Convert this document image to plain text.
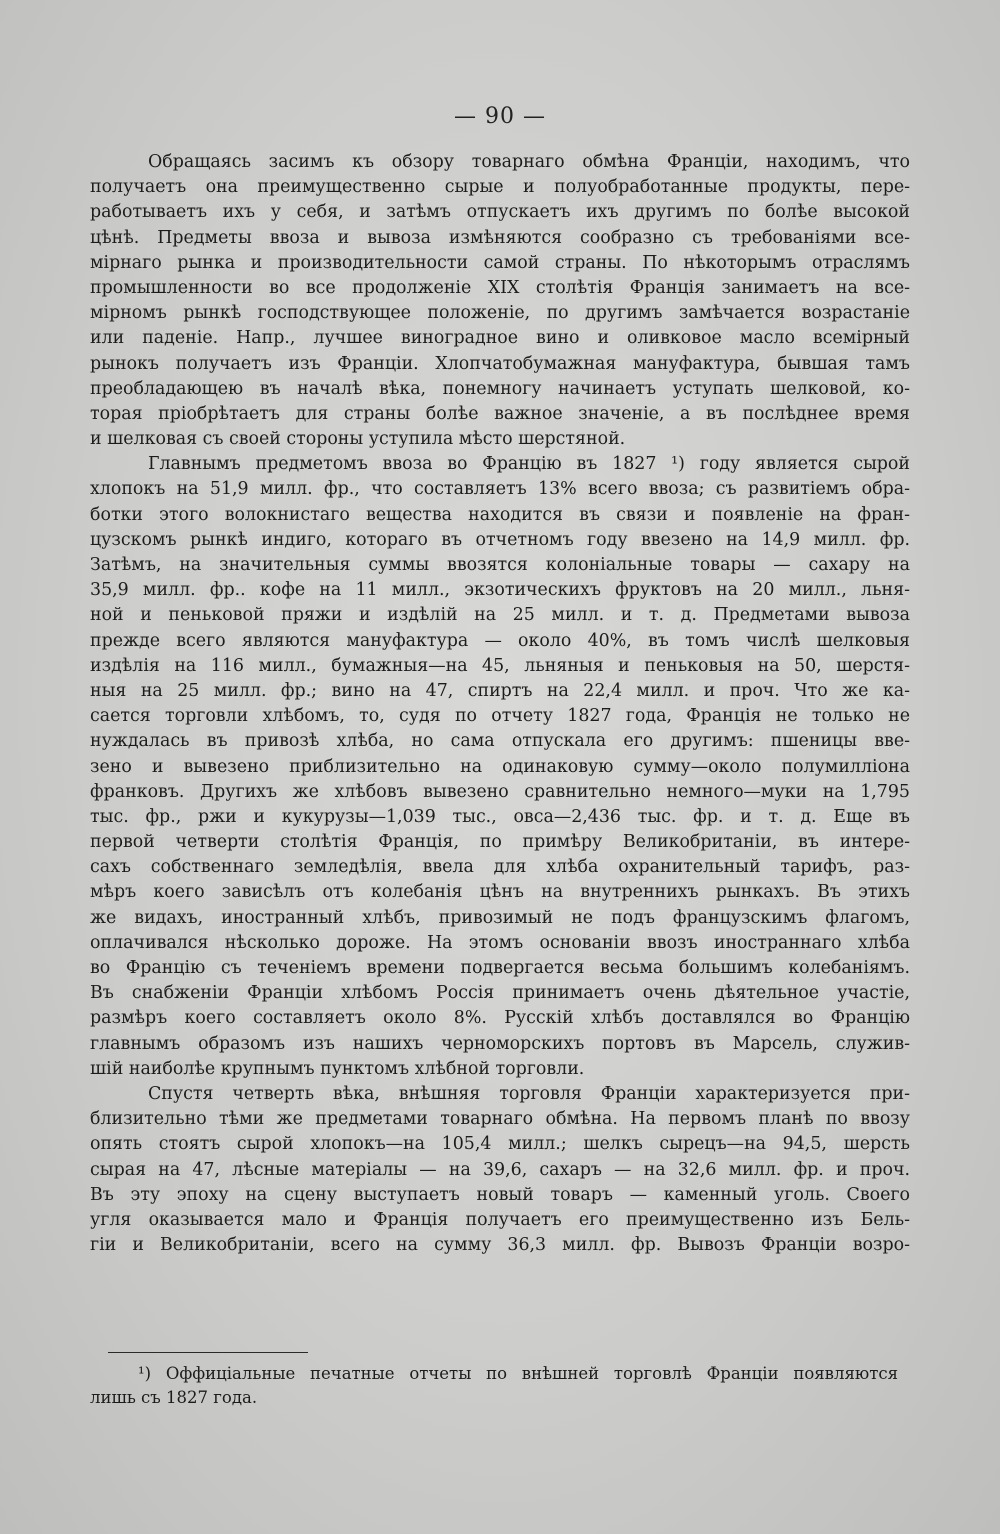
— 90 —
Обращаясь засимъ къ обзору товарнаго обмѣна Франціи, находимъ, что
получаетъ она преимущественно сырые и полуобработанные продукты, пере-
работываетъ ихъ у себя, и затѣмъ отпускаетъ ихъ другимъ по болѣе высокой
цѣнѣ. Предметы ввоза и вывоза измѣняются сообразно съ требованіями все-
мірнаго рынка и производительности самой страны. По нѣкоторымъ отраслямъ
промышленности во все продолженіе XIX столѣтія Франція занимаетъ на все-
мірномъ рынкѣ господствующее положеніе, по другимъ замѣчается возрастаніе
или паденіе. Напр., лучшее виноградное вино и оливковое масло всемірный
рынокъ получаетъ изъ Франціи. Хлопчатобумажная мануфактура, бывшая тамъ
преобладающею въ началѣ вѣка, понемногу начинаетъ уступать шелковой, ко-
торая пріобрѣтаетъ для страны болѣе важное значеніе, а въ послѣднее время
и шелковая съ своей стороны уступила мѣсто шерстяной.
Главнымъ предметомъ ввоза во Францію въ 1827 ¹) году является сырой
хлопокъ на 51,9 милл. фр., что составляетъ 13% всего ввоза; съ развитіемъ обра-
ботки этого волокнистаго вещества находится въ связи и появленіе на фран-
цузскомъ рынкѣ индиго, котораго въ отчетномъ году ввезено на 14,9 милл. фр.
Затѣмъ, на значительныя суммы ввозятся колоніальные товары — сахару на
35,9 милл. фр.. кофе на 11 милл., экзотическихъ фруктовъ на 20 милл., льня-
ной и пеньковой пряжи и издѣлій на 25 милл. и т. д. Предметами вывоза
прежде всего являются мануфактура — около 40%, въ томъ числѣ шелковыя
издѣлія на 116 милл., бумажныя—на 45, льняныя и пеньковыя на 50, шерстя-
ныя на 25 милл. фр.; вино на 47, спиртъ на 22,4 милл. и проч. Что же ка-
сается торговли хлѣбомъ, то, судя по отчету 1827 года, Франція не только не
нуждалась въ привозѣ хлѣба, но сама отпускала его другимъ: пшеницы вве-
зено и вывезено приблизительно на одинаковую сумму—около полумилліона
франковъ. Другихъ же хлѣбовъ вывезено сравнительно немного—муки на 1,795
тыс. фр., ржи и кукурузы—1,039 тыс., овса—2,436 тыс. фр. и т. д. Еще въ
первой четверти столѣтія Франція, по примѣру Великобританіи, въ интере-
сахъ собственнаго земледѣлія, ввела для хлѣба охранительный тарифъ, раз-
мѣръ коего зависѣлъ отъ колебанія цѣнъ на внутреннихъ рынкахъ. Въ этихъ
же видахъ, иностранный хлѣбъ, привозимый не подъ французскимъ флагомъ,
оплачивался нѣсколько дороже. На этомъ основаніи ввозъ иностраннаго хлѣба
во Францію съ теченіемъ времени подвергается весьма большимъ колебаніямъ.
Въ снабженіи Франціи хлѣбомъ Россія принимаетъ очень дѣятельное участіе,
размѣръ коего составляетъ около 8%. Русскій хлѣбъ доставлялся во Францію
главнымъ образомъ изъ нашихъ черноморскихъ портовъ въ Марсель, служив-
шій наиболѣе крупнымъ пунктомъ хлѣбной торговли.
Спустя четверть вѣка, внѣшняя торговля Франціи характеризуется при-
близительно тѣми же предметами товарнаго обмѣна. На первомъ планѣ по ввозу
опять стоятъ сырой хлопокъ—на 105,4 милл.; шелкъ сырецъ—на 94,5, шерсть
сырая на 47, лѣсные матеріалы — на 39,6, сахаръ — на 32,6 милл. фр. и проч.
Въ эту эпоху на сцену выступаетъ новый товаръ — каменный уголь. Своего
угля оказывается мало и Франція получаетъ его преимущественно изъ Бель-
гіи и Великобританіи, всего на сумму 36,3 милл. фр. Вывозъ Франціи возро-
¹) Оффиціальные печатные отчеты по внѣшней торговлѣ Франціи появляются
лишь съ 1827 года.
